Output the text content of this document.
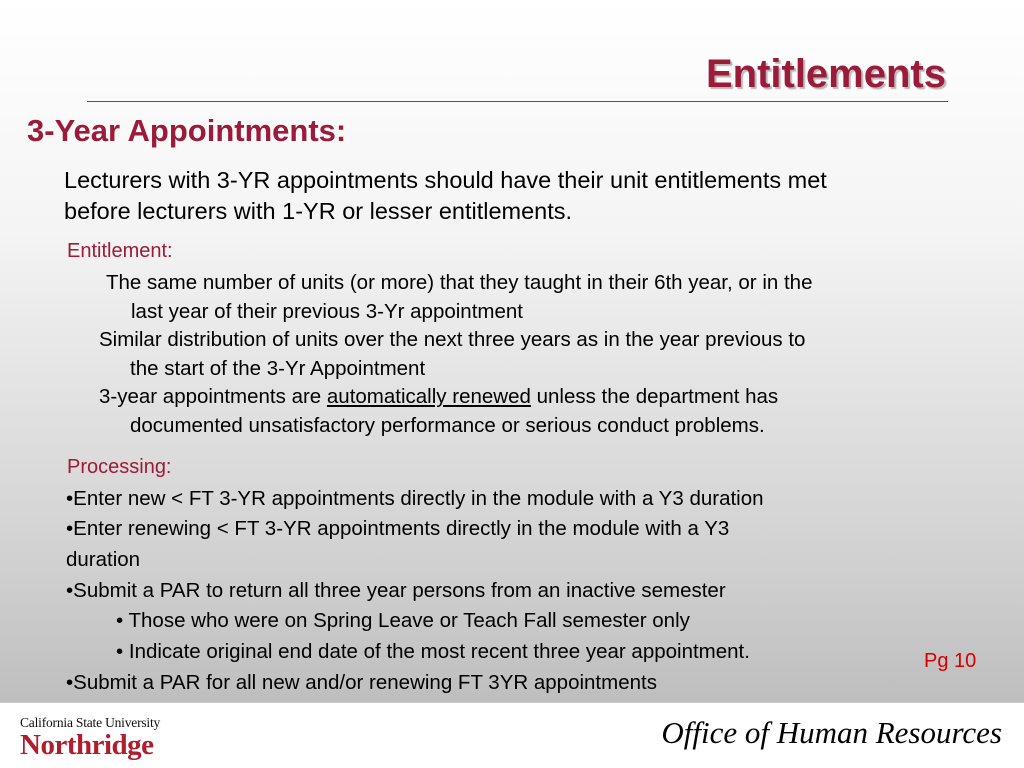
Entitlements
3-Year Appointments:

Lecturers with 3-YR appointments should have their unit entitlements met
before lecturers with 1-YR or lesser entitlements.

Entitlement:

The same number of units (or more) that they taught in their 6th year, or in the
last year of their previous 3-Yr appointment

Similar distribution of units over the next three years as in the year previous to
the start of the 3-Yr Appointment

3-year appointments are automatically renewed unless the department has
documented unsatisfactory performance or serious conduct problems.

Processing:

•Enter new < FT 3-YR appointments directly in the module with a Y3 duration

•Enter renewing < FT 3-YR appointments directly in the module with a Y3

duration

•Submit a PAR to return all three year persons from an inactive semester

• Those who were on Spring Leave or Teach Fall semester only

• Indicate original end date of the most recent three year appointment.

•Submit a PAR for all new and/or renewing FT 3YR appointments

Pg 10
California State University
Northridge	Office of Human Resources
